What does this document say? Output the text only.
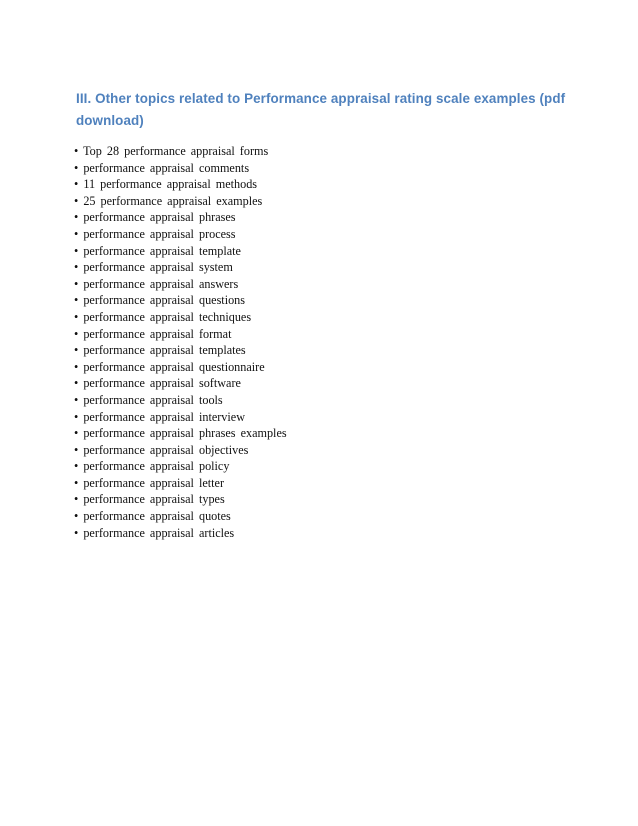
III. Other topics related to Performance appraisal rating scale examples (pdf download)
• Top 28 performance appraisal forms
• performance appraisal comments
• 11 performance appraisal methods
• 25 performance appraisal examples
• performance appraisal phrases
• performance appraisal process
• performance appraisal template
• performance appraisal system
• performance appraisal answers
• performance appraisal questions
• performance appraisal techniques
• performance appraisal format
• performance appraisal templates
• performance appraisal questionnaire
• performance appraisal software
• performance appraisal tools
• performance appraisal interview
• performance appraisal phrases examples
• performance appraisal objectives
• performance appraisal policy
• performance appraisal letter
• performance appraisal types
• performance appraisal quotes
• performance appraisal articles
